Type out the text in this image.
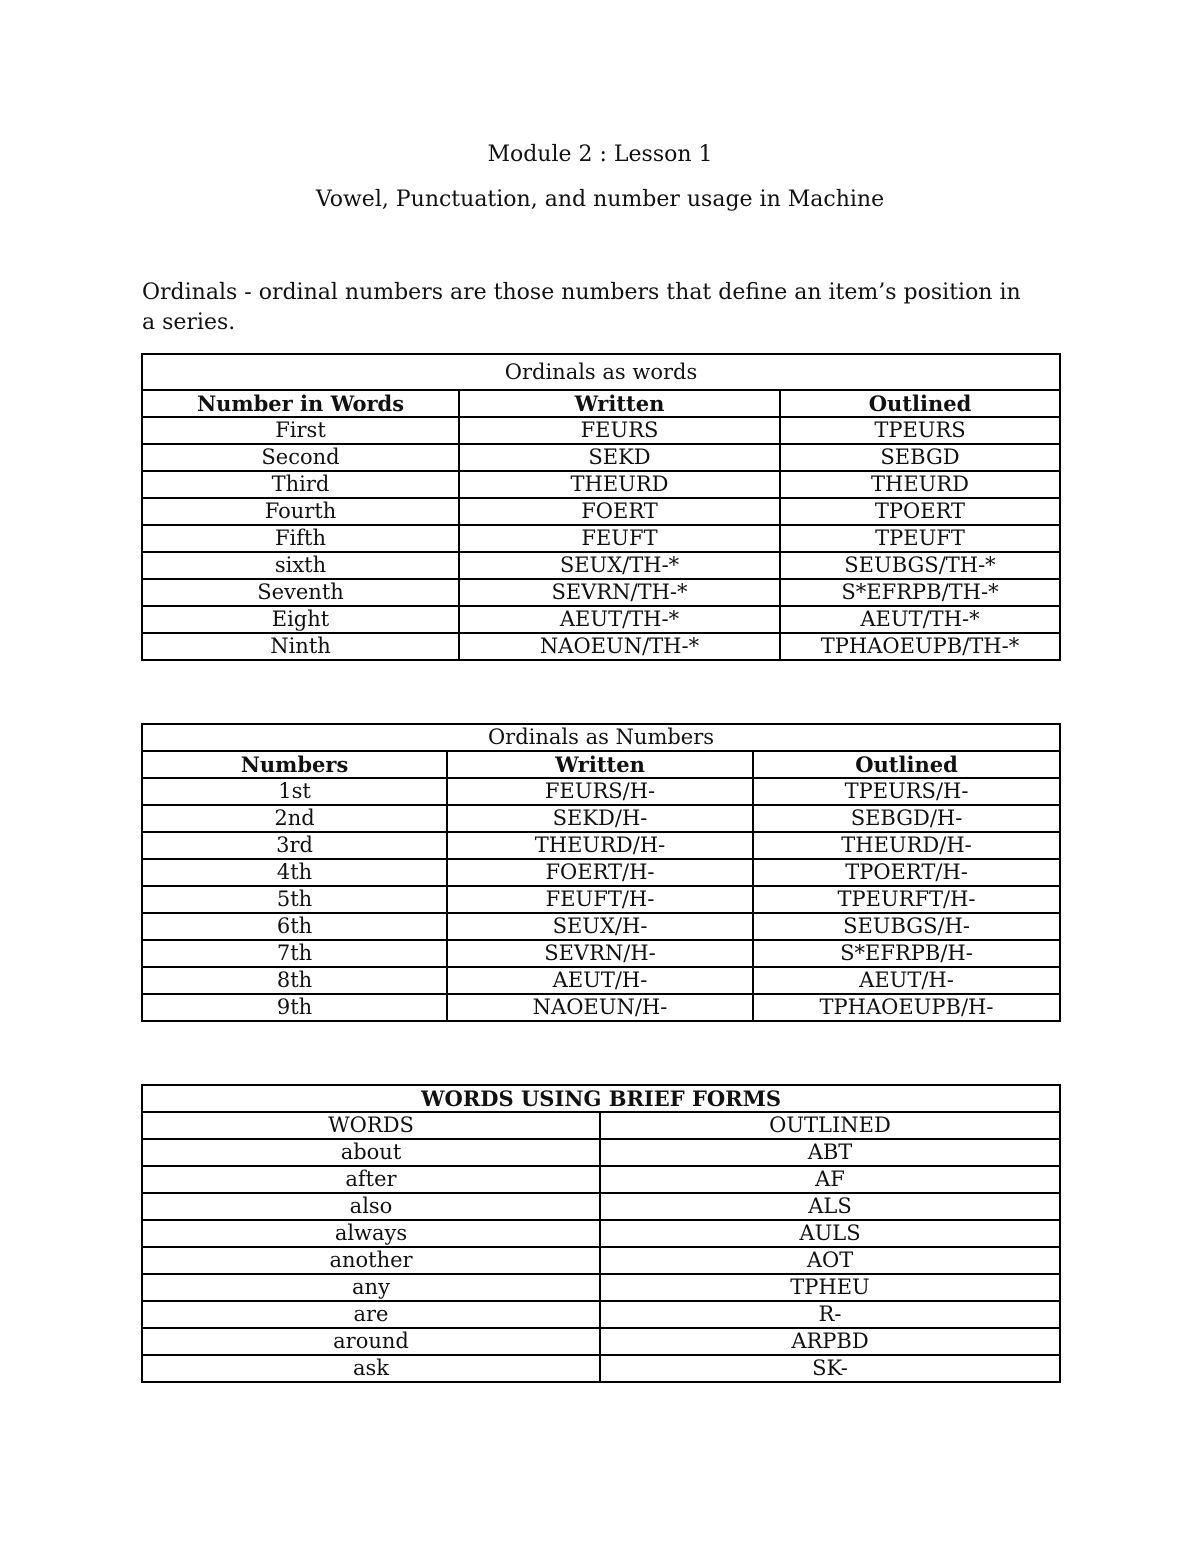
Module 2 : Lesson 1
Vowel, Punctuation, and number usage in Machine
Ordinals - ordinal numbers are those numbers that define an item’s position in
a series.
Ordinals as words		
Number in Words	Written	Outlined
First	FEURS	TPEURS
Second	SEKD	SEBGD
Third	THEURD	THEURD
Fourth	FOERT	TPOERT
Fifth	FEUFT	TPEUFT
sixth	SEUX/TH-*	SEUBGS/TH-*
Seventh	SEVRN/TH-*	S*EFRPB/TH-*
Eight	AEUT/TH-*	AEUT/TH-*
Ninth	NAOEUN/TH-*	TPHAOEUPB/TH-*
Ordinals as Numbers		
Numbers	Written	Outlined
1st	FEURS/H-	TPEURS/H-
2nd	SEKD/H-	SEBGD/H-
3rd	THEURD/H-	THEURD/H-
4th	FOERT/H-	TPOERT/H-
5th	FEUFT/H-	TPEURFT/H-
6th	SEUX/H-	SEUBGS/H-
7th	SEVRN/H-	S*EFRPB/H-
8th	AEUT/H-	AEUT/H-
9th	NAOEUN/H-	TPHAOEUPB/H-
WORDS USING BRIEF FORMS	
WORDS	OUTLINED
about	ABT
after	AF
also	ALS
always	AULS
another	AOT
any	TPHEU
are	R-
around	ARPBD
ask	SK-
